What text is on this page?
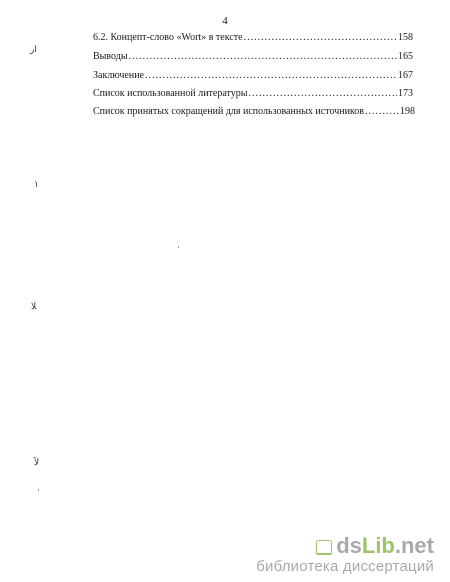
4
6.2. Концепт-слово «Wort» в тексте .....	158
Выводы .....	165
Заключение .....	167
Список использованной литературы .....	173
Список принятых сокращений для использованных источников .....	198
ﺍﺭ
١
ﻼ
ﻵ
ds Lib .net
библиотека диссертаций
